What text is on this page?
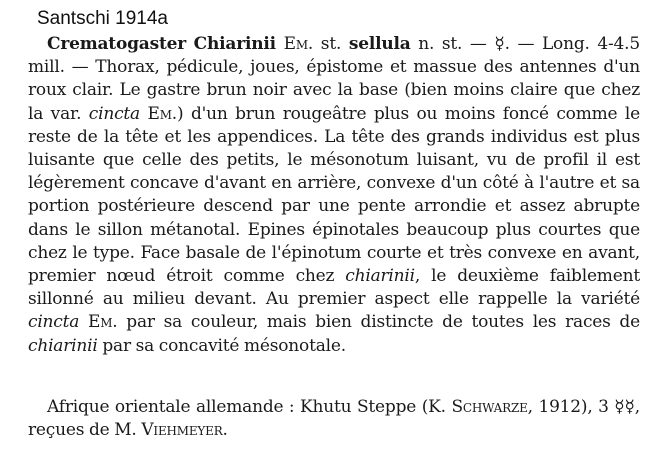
Santschi 1914a
Crematogaster Chiarinii Em. st. sellula n. st. — ☿. — Long. 4-4.5 mill. — Thorax, pédicule, joues, épistome et massue des antennes d'un roux clair. Le gastre brun noir avec la base (bien moins claire que chez la var. cincta Em.) d'un brun rougeâtre plus ou moins foncé comme le reste de la tête et les appendices. La tête des grands individus est plus luisante que celle des petits, le mésonotum luisant, vu de profil il est légèrement concave d'avant en arrière, convexe d'un côté à l'autre et sa portion postérieure descend par une pente arrondie et assez abrupte dans le sillon métanotal. Epines épinotales beaucoup plus courtes que chez le type. Face basale de l'épinotum courte et très convexe en avant, premier nœud étroit comme chez chiarinii, le deuxième faiblement sillonné au milieu devant. Au premier aspect elle rappelle la variété cincta Em. par sa couleur, mais bien distincte de toutes les races de chiarinii par sa concavité mésonotale.
Afrique orientale allemande : Khutu Steppe (K. Schwarze, 1912), 3 ☿☿, reçues de M. Viehmeyer.
